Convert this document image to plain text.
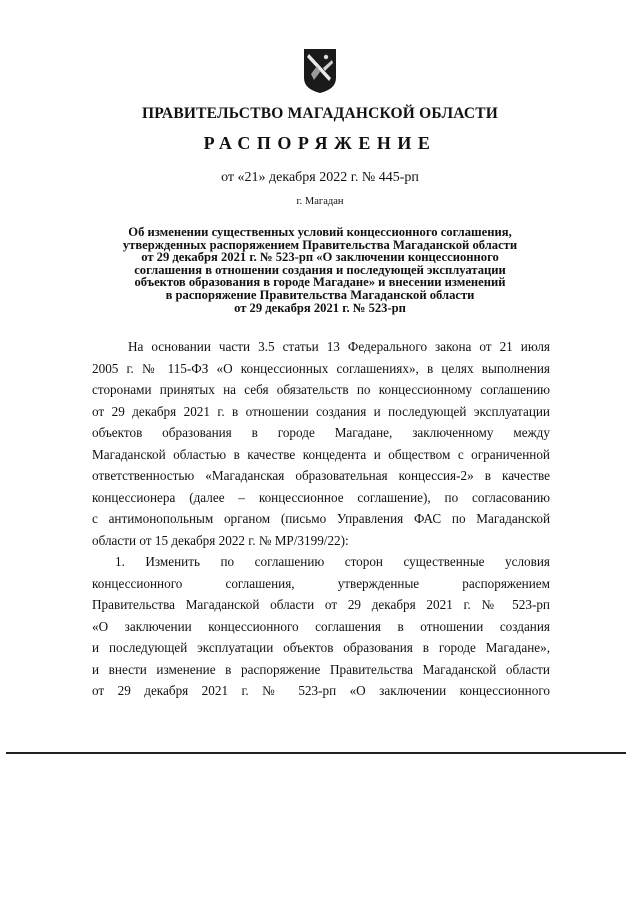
ПРАВИТЕЛЬСТВО МАГАДАНСКОЙ ОБЛАСТИ
РАСПОРЯЖЕНИЕ
от «21» декабря 2022 г. № 445-рп
г. Магадан
Об изменении существенных условий концессионного соглашения,
утвержденных распоряжением Правительства Магаданской области
от 29 декабря 2021 г. № 523-рп «О заключении концессионного
соглашения в отношении создания и последующей эксплуатации
объектов образования в городе Магадане» и внесении изменений
в распоряжение Правительства Магаданской области
от 29 декабря 2021 г. № 523-рп
На основании части 3.5 статьи 13 Федерального закона от 21 июля
2005 г. № 115-ФЗ «О концессионных соглашениях», в целях выполнения
сторонами принятых на себя обязательств по концессионному соглашению
от 29 декабря 2021 г. в отношении создания и последующей эксплуатации
объектов образования в городе Магадане, заключенному между
Магаданской областью в качестве концедента и обществом с ограниченной
ответственностью «Магаданская образовательная концессия-2» в качестве
концессионера (далее – концессионное соглашение), по согласованию
с антимонопольным органом (письмо Управления ФАС по Магаданской
области от 15 декабря 2022 г. № МР/3199/22):
1. Изменить по соглашению сторон существенные условия
концессионного соглашения, утвержденные распоряжением
Правительства Магаданской области от 29 декабря 2021 г. № 523-рп
«О заключении концессионного соглашения в отношении создания
и последующей эксплуатации объектов образования в городе Магадане»,
и внести изменение в распоряжение Правительства Магаданской области
от 29 декабря 2021 г. № 523-рп «О заключении концессионного
